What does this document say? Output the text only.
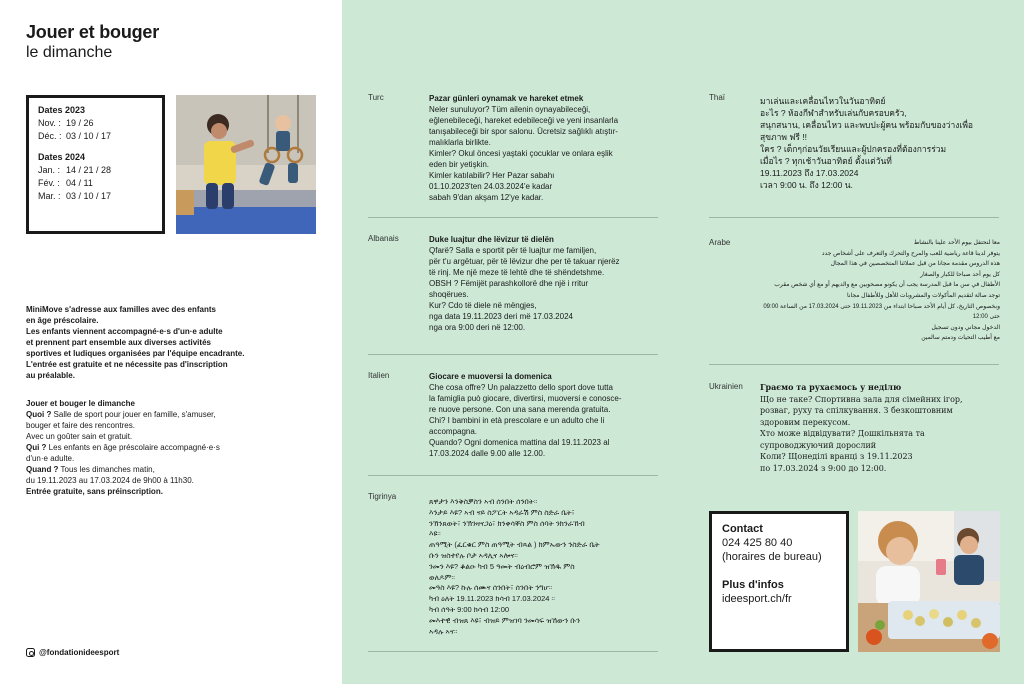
Jouer et bouger
le dimanche
Dates 2023
Nov. : 19 / 26
Déc. : 03 / 10 / 17
Dates 2024
Jan. : 14 / 21 / 28
Fév. : 04 / 11
Mar. : 03 / 10 / 17

MiniMove s'adresse aux familles avec des enfants
en âge préscolaire.
Les enfants viennent accompagné·e·s d'un·e adulte
et prennent part ensemble aux diverses activités
sportives et ludiques organisées par l'équipe encadrante.
L'entrée est gratuite et ne nécessite pas d'inscription
au préalable.

Jouer et bouger le dimanche
Quoi ? Salle de sport pour jouer en famille, s'amuser,
bouger et faire des rencontres.
Avec un goûter sain et gratuit.
Qui ? Les enfants en âge préscolaire accompagné·e·s
d'un·e adulte.
Quand ? Tous les dimanches matin,
du 19.11.2023 au 17.03.2024 de 9h00 à 11h30.
Entrée gratuite, sans préinscription.
@fondationideesport
Turc	Pazar günleri oynamak ve hareket etmek
Neler sunuluyor? Tüm ailenin oynayabileceği,
eğlenebileceği, hareket edebileceği ve yeni insanlarla
tanışabileceği bir spor salonu. Ücretsiz sağlıklı atıştır-
malıklarla birlikte.
Kimler? Okul öncesi yaştaki çocuklar ve onlara eşlik
eden bir yetişkin.
Kimler katılabilir? Her Pazar sabahı
01.10.2023'ten 24.03.2024'e kadar
sabah 9'dan akşam 12'ye kadar.
Albanais	Duke luajtur dhe lëvizur të dielën
Qfarë? Salla e sportit për të luajtur me familjen,
për t'u argëtuar, për të lëvizur dhe per të takuar njerëz
të rinj. Me një meze të lehtë dhe të shëndetshme.
OBSH ? Fëmijët parashkollorë dhe një i rritur
shoqërues.
Kur? Cdo të diele në mëngjes,
nga data 19.11.2023 deri më 17.03.2024
nga ora 9:00 deri në 12:00.
Italien	Giocare e muoversi la domenica
Che cosa offre? Un palazzetto dello sport dove tutta
la famiglia può giocare, divertirsi, muoversi e conosce-
re nuove persone. Con una sana merenda gratuita.
Chi? I bambini in età prescolare e un adulto che li
accompagna.
Quando? Ogni domenica mattina dal 19.11.2023 al
17.03.2024 dalle 9.00 alle 12.00.
Tigrinya
ጸዋታን እንቅስቓስን ኣብ ሰንበት ሰንበት።
እንታይ እዩ? ኣብ ናይ ስፖርት ኣዳራሽ ምስ ስድራ ቤት፣
ንኽንጸወት፣ ንኽንዛናጋዕ፣ ክንቀሳቐስ ምስ ሰባት ንክንራኸብ
እዩ።
ጠዓሚት (ፈርቁር ምስ ጠዓሚት ብጻል ) ክምኡውን ንስድራ ቤት
ቡን ዝስተየሉ ቦታ ኣዳሊና ኣሎና።
ንመን እዩ? ቆልዑ ካብ 5 ዓመት ብዕብሮም ዝኽዱ ምስ
ወለዶም።
መዓስ እዩ? ኩሉ ሰሙና ሰንበት፣ ሰንበት ንግሆ።
ካብ ዕለት 19.11.2023 ክሳብ 17.03.2024 ።
ካብ ሰዓት 9:00 ክሳብ 12:00
መእተዊ ብዝጸ እዩ፣ ብዝይ ምዝገባ ንመሳፍ ዝኸውን ቡን
ኣዳሉ ኣና።
Thaï	มาเล่นและเคลื่อนไหวในวันอาทิตย์
อะไร ? ห้องกีฬาสำหรับเล่นกับครอบครัว,
สนุกสนาน, เคลื่อนไหว และพบปะผู้คน พร้อมกับของว่างเพื่อ
สุขภาพ ฟรี !!
ใคร ? เด็กๆก่อนวัยเรียนและผู้ปกครองที่ต้องการร่วม
เมื่อไร ? ทุกเช้าวันอาทิตย์ ตั้งแต่วันที่
19.11.2023 ถึง 17.03.2024
เวลา 9:00 น. ถึง 12:00 น.
Arabe	معا لنحتفل بيوم الأحد علينا بالنشاط
يتوفر لدينا قاعة رياضية للعب والمرح والتحرك والتعرف على أشخاص جدد
هذه الدروس مقدمة مجانا من قبل عملائنا المتخصصين في هذا المجال
كل يوم أحد صباحا للكبار والصغار
الأطفال في سن ما قبل المدرسة يجب أن يكونو مصحوبين مع والديهم أو مع أي شخص مقرب
توجد صالة لتقديم المأكولات والمشروبات للأهل وللأطفال مجانا
وبخصوص التاريخ، كل أيام الأحد صباحا ابتداء من 19.11.2023 حتى 17.03.2024 من الساعة 09:00 حتى 12:00
الدخول مجاني ودون تسجيل
مع أطيب التحيات ودمتم سالمين
Ukrainien Граємо та рухаємось у неділю
Що не таке? Спортивна зала для сімейних ігор,
розваг, руху та спілкування. З безкоштовним
здоровим перекусом.
Хто може відвідувати? Дошкільнята та
супроводжуючий дорослий
Коли? Щонеділі вранці з 19.11.2023
по 17.03.2024 з 9:00 до 12:00.
Contact
024 425 80 40
(horaires de bureau)
Plus d'infos
ideesport.ch/fr
